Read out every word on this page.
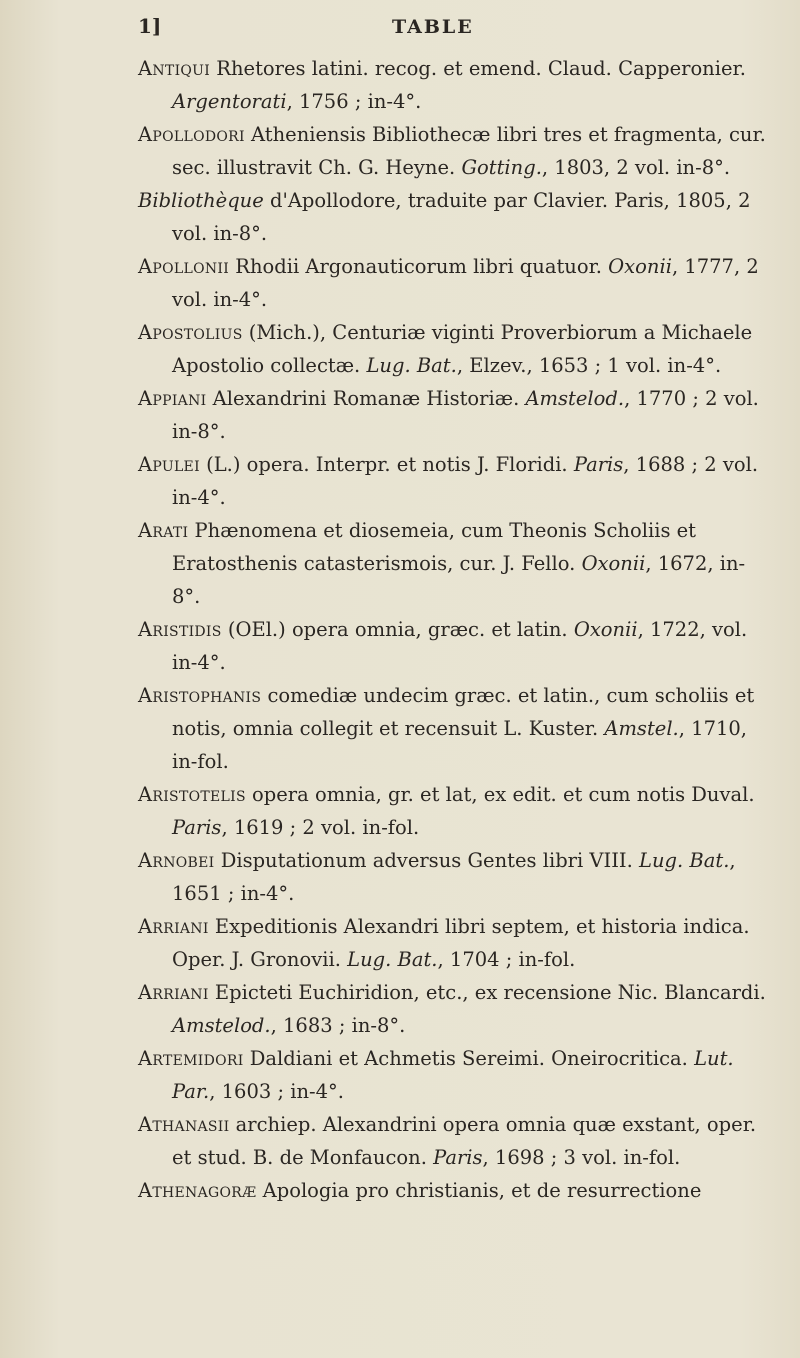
1]	TABLE

Antiqui Rhetores latini. recog. et emend. Claud. Capperonier. Argentorati, 1756 ; in-4°.

Apollodori Atheniensis Bibliothecæ libri tres et fragmenta, cur. sec. illustravit Ch. G. Heyne. Gotting., 1803, 2 vol. in-8°.

Bibliothèque d'Apollodore, traduite par Clavier. Paris, 1805, 2 vol. in-8°.

Apollonii Rhodii Argonauticorum libri quatuor. Oxonii, 1777, 2 vol. in-4°.

Apostolius (Mich.), Centuriæ viginti Proverbiorum a Michaele Apostolio collectæ. Lug. Bat., Elzev., 1653 ; 1 vol. in-4°.

Appiani Alexandrini Romanæ Historiæ. Amstelod., 1770 ; 2 vol. in-8°.

Apulei (L.) opera. Interpr. et notis J. Floridi. Paris, 1688 ; 2 vol. in-4°.

Arati Phænomena et diosemeia, cum Theonis Scholiis et Eratosthenis catasterismois, cur. J. Fello. Oxonii, 1672, in-8°.

Aristidis (OEl.) opera omnia, græc. et latin. Oxonii, 1722, vol. in-4°.

Aristophanis comediæ undecim græc. et latin., cum scholiis et notis, omnia collegit et recensuit L. Kuster. Amstel., 1710, in-fol.

Aristotelis opera omnia, gr. et lat, ex edit. et cum notis Duval. Paris, 1619 ; 2 vol. in-fol.

Arnobei Disputationum adversus Gentes libri VIII. Lug. Bat., 1651 ; in-4°.

Arriani Expeditionis Alexandri libri septem, et historia indica. Oper. J. Gronovii. Lug. Bat., 1704 ; in-fol.

Arriani Epicteti Euchiridion, etc., ex recensione Nic. Blancardi. Amstelod., 1683 ; in-8°.

Artemidori Daldiani et Achmetis Sereimi. Oneirocritica. Lut. Par., 1603 ; in-4°.

Athanasii archiep. Alexandrini opera omnia quæ exstant, oper. et stud. B. de Monfaucon. Paris, 1698 ; 3 vol. in-fol.

Athenagoræ Apologia pro christianis, et de resurrectione
